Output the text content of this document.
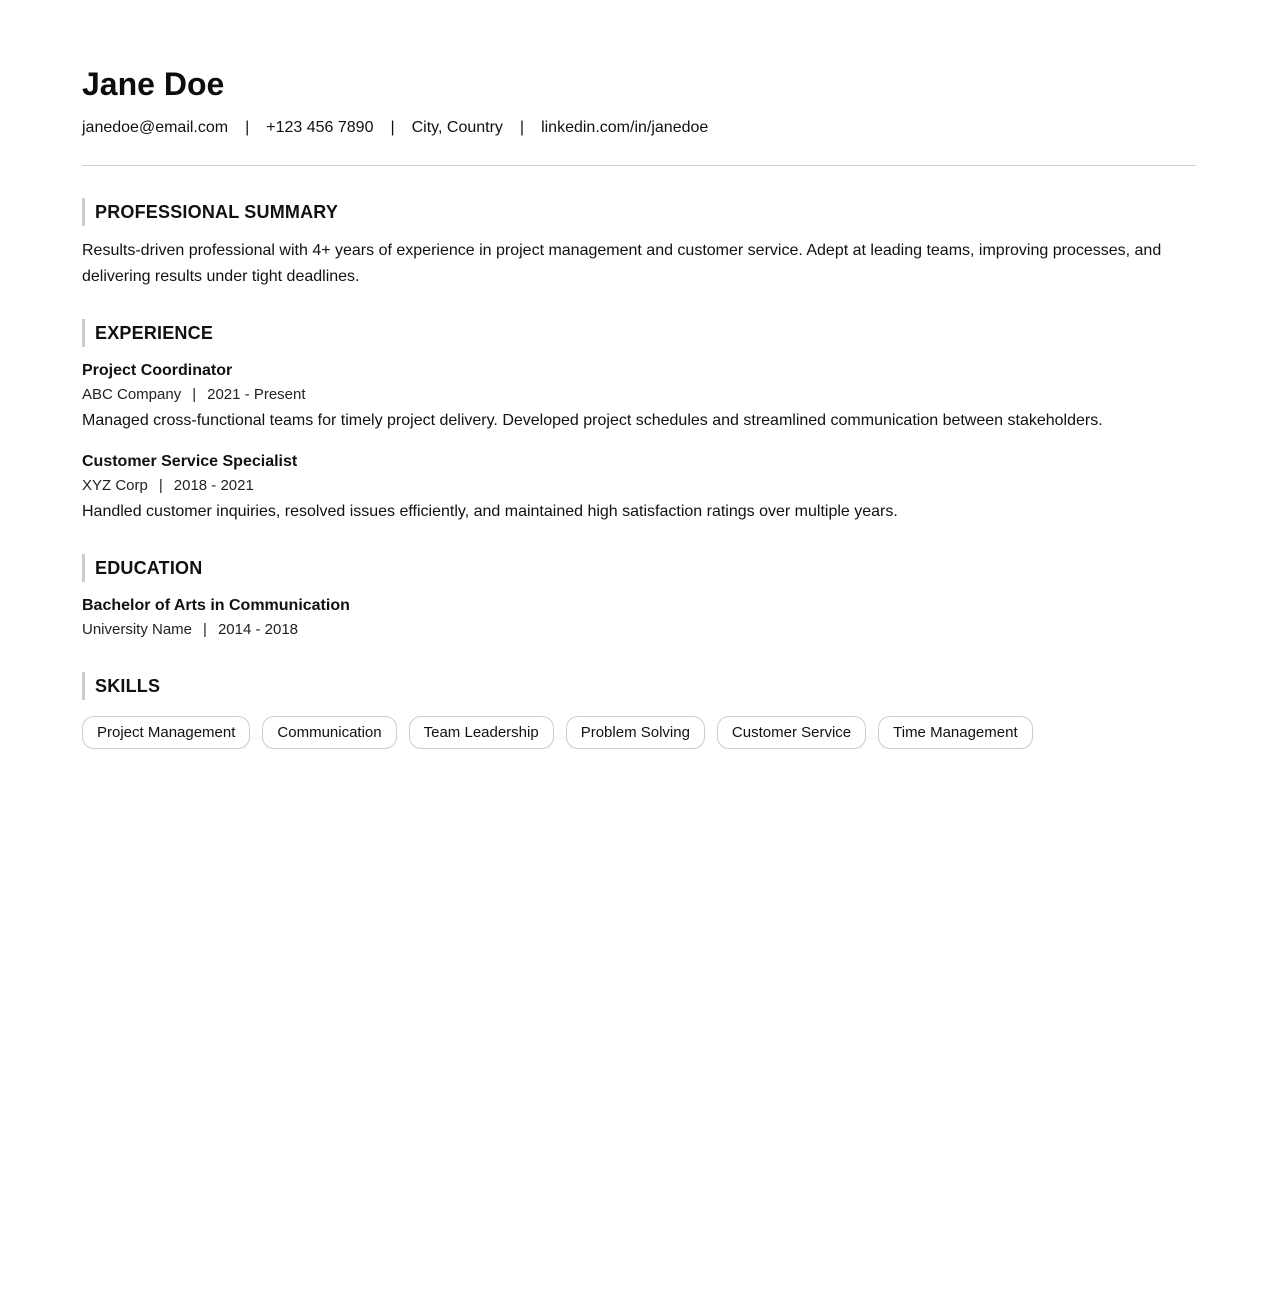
Jane Doe
janedoe@email.com	|	+123 456 7890	|	City, Country	|	linkedin.com/in/janedoe
PROFESSIONAL SUMMARY
Results-driven professional with 4+ years of experience in project management and customer service. Adept at leading teams, improving processes, and delivering results under tight deadlines.
EXPERIENCE
Project Coordinator
ABC Company | 2021 - Present
Managed cross-functional teams for timely project delivery. Developed project schedules and streamlined communication between stakeholders.
Customer Service Specialist
XYZ Corp | 2018 - 2021
Handled customer inquiries, resolved issues efficiently, and maintained high satisfaction ratings over multiple years.
EDUCATION
Bachelor of Arts in Communication
University Name | 2014 - 2018
SKILLS
Project Management	Communication	Team Leadership	Problem Solving	Customer Service	Time Management
